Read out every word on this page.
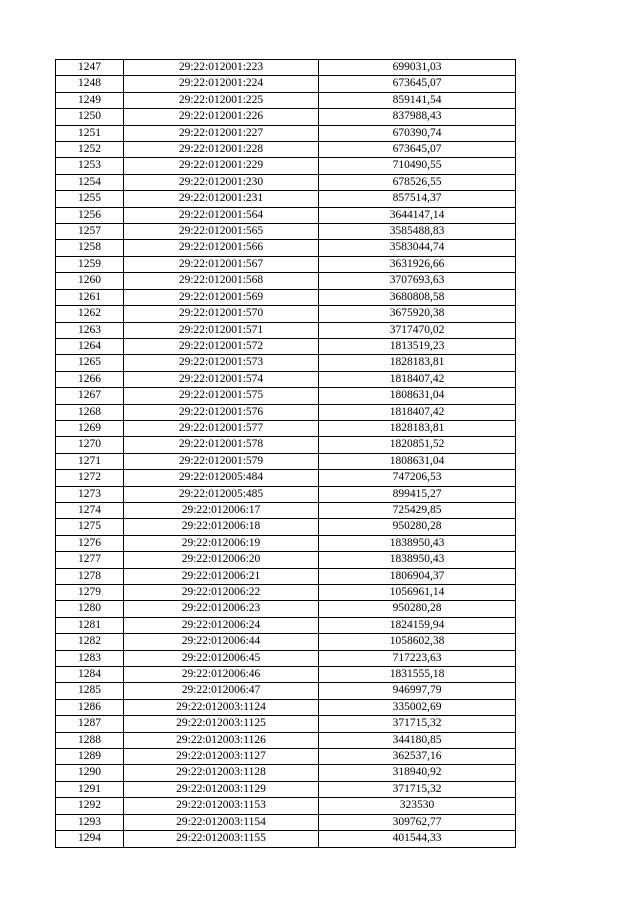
1247	29:22:012001:223	699031,03
1248	29:22:012001:224	673645,07
1249	29:22:012001:225	859141,54
1250	29:22:012001:226	837988,43
1251	29:22:012001:227	670390,74
1252	29:22:012001:228	673645,07
1253	29:22:012001:229	710490,55
1254	29:22:012001:230	678526,55
1255	29:22:012001:231	857514,37
1256	29:22:012001:564	3644147,14
1257	29:22:012001:565	3585488,83
1258	29:22:012001:566	3583044,74
1259	29:22:012001:567	3631926,66
1260	29:22:012001:568	3707693,63
1261	29:22:012001:569	3680808,58
1262	29:22:012001:570	3675920,38
1263	29:22:012001:571	3717470,02
1264	29:22:012001:572	1813519,23
1265	29:22:012001:573	1828183,81
1266	29:22:012001:574	1818407,42
1267	29:22:012001:575	1808631,04
1268	29:22:012001:576	1818407,42
1269	29:22:012001:577	1828183,81
1270	29:22:012001:578	1820851,52
1271	29:22:012001:579	1808631,04
1272	29:22:012005:484	747206,53
1273	29:22:012005:485	899415,27
1274	29:22:012006:17	725429,85
1275	29:22:012006:18	950280,28
1276	29:22:012006:19	1838950,43
1277	29:22:012006:20	1838950,43
1278	29:22:012006:21	1806904,37
1279	29:22:012006:22	1056961,14
1280	29:22:012006:23	950280,28
1281	29:22:012006:24	1824159,94
1282	29:22:012006:44	1058602,38
1283	29:22:012006:45	717223,63
1284	29:22:012006:46	1831555,18
1285	29:22:012006:47	946997,79
1286	29:22:012003:1124	335002,69
1287	29:22:012003:1125	371715,32
1288	29:22:012003:1126	344180,85
1289	29:22:012003:1127	362537,16
1290	29:22:012003:1128	318940,92
1291	29:22:012003:1129	371715,32
1292	29:22:012003:1153	323530
1293	29:22:012003:1154	309762,77
1294	29:22:012003:1155	401544,33
